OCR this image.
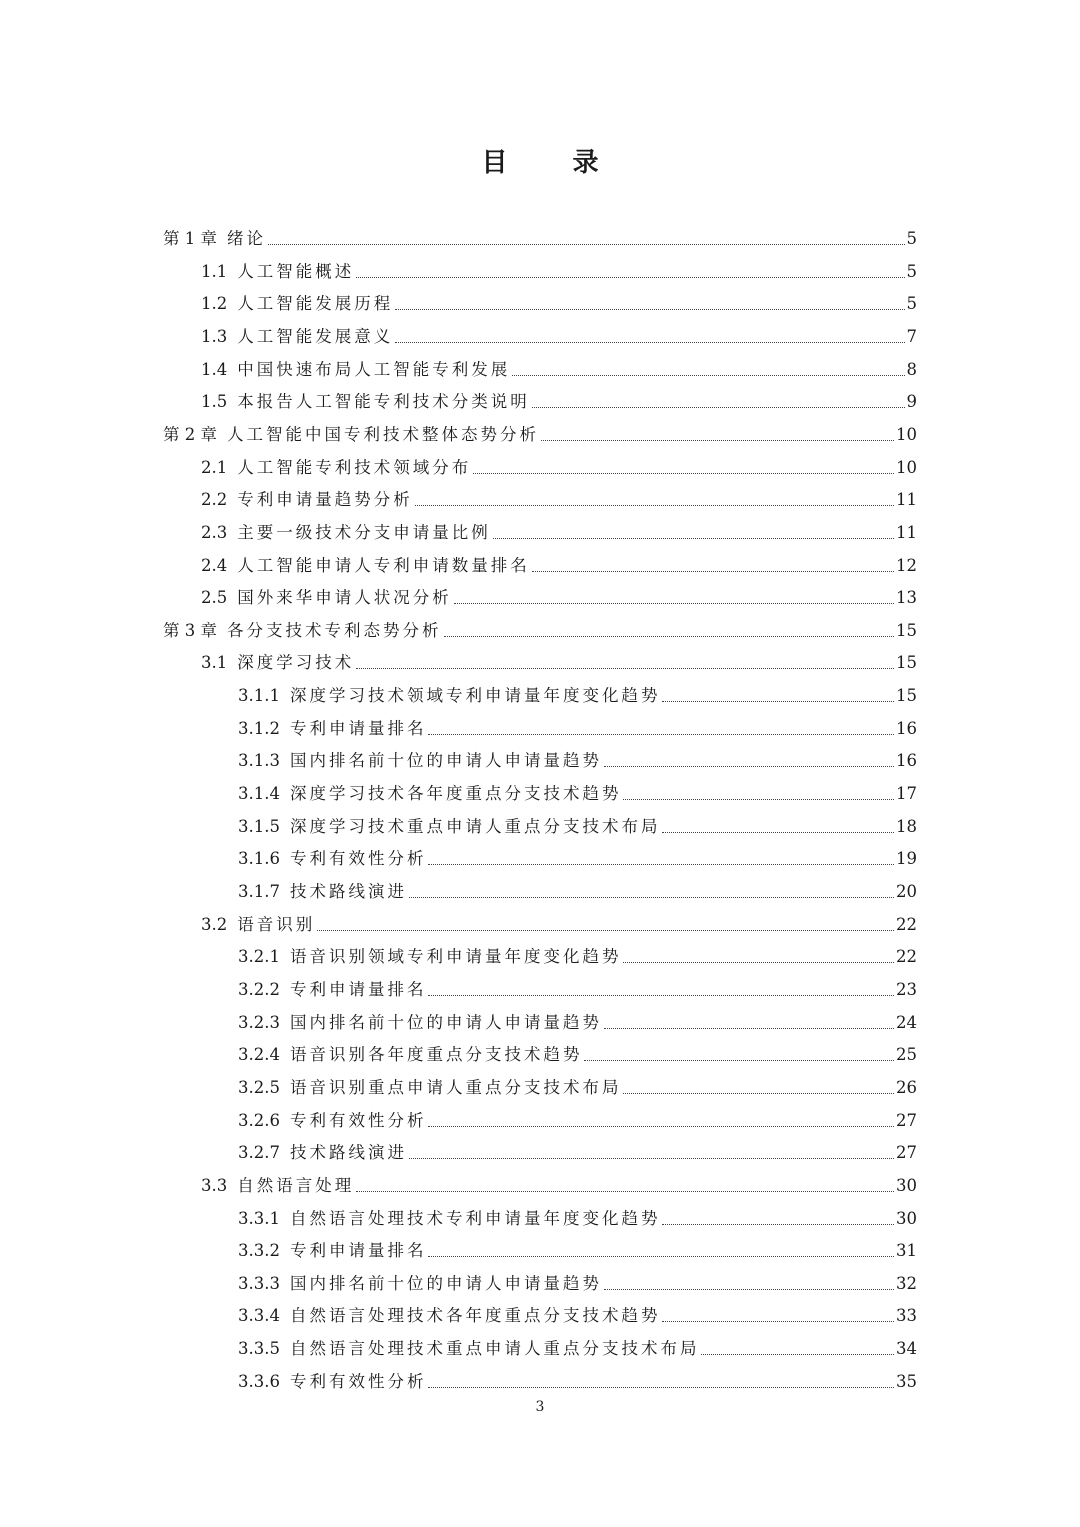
目 录
第 1 章 绪论	5
1.1 人工智能概述	5
1.2 人工智能发展历程	5
1.3 人工智能发展意义	7
1.4 中国快速布局人工智能专利发展	8
1.5 本报告人工智能专利技术分类说明	9
第 2 章 人工智能中国专利技术整体态势分析	10
2.1 人工智能专利技术领域分布	10
2.2 专利申请量趋势分析	11
2.3 主要一级技术分支申请量比例	11
2.4 人工智能申请人专利申请数量排名	12
2.5 国外来华申请人状况分析	13
第 3 章 各分支技术专利态势分析	15
3.1 深度学习技术	15
3.1.1 深度学习技术领域专利申请量年度变化趋势	15
3.1.2 专利申请量排名	16
3.1.3 国内排名前十位的申请人申请量趋势	16
3.1.4 深度学习技术各年度重点分支技术趋势	17
3.1.5 深度学习技术重点申请人重点分支技术布局	18
3.1.6 专利有效性分析	19
3.1.7 技术路线演进	20
3.2 语音识别	22
3.2.1 语音识别领域专利申请量年度变化趋势	22
3.2.2 专利申请量排名	23
3.2.3 国内排名前十位的申请人申请量趋势	24
3.2.4 语音识别各年度重点分支技术趋势	25
3.2.5 语音识别重点申请人重点分支技术布局	26
3.2.6 专利有效性分析	27
3.2.7 技术路线演进	27
3.3 自然语言处理	30
3.3.1 自然语言处理技术专利申请量年度变化趋势	30
3.3.2 专利申请量排名	31
3.3.3 国内排名前十位的申请人申请量趋势	32
3.3.4 自然语言处理技术各年度重点分支技术趋势	33
3.3.5 自然语言处理技术重点申请人重点分支技术布局	34
3.3.6 专利有效性分析	35
3
